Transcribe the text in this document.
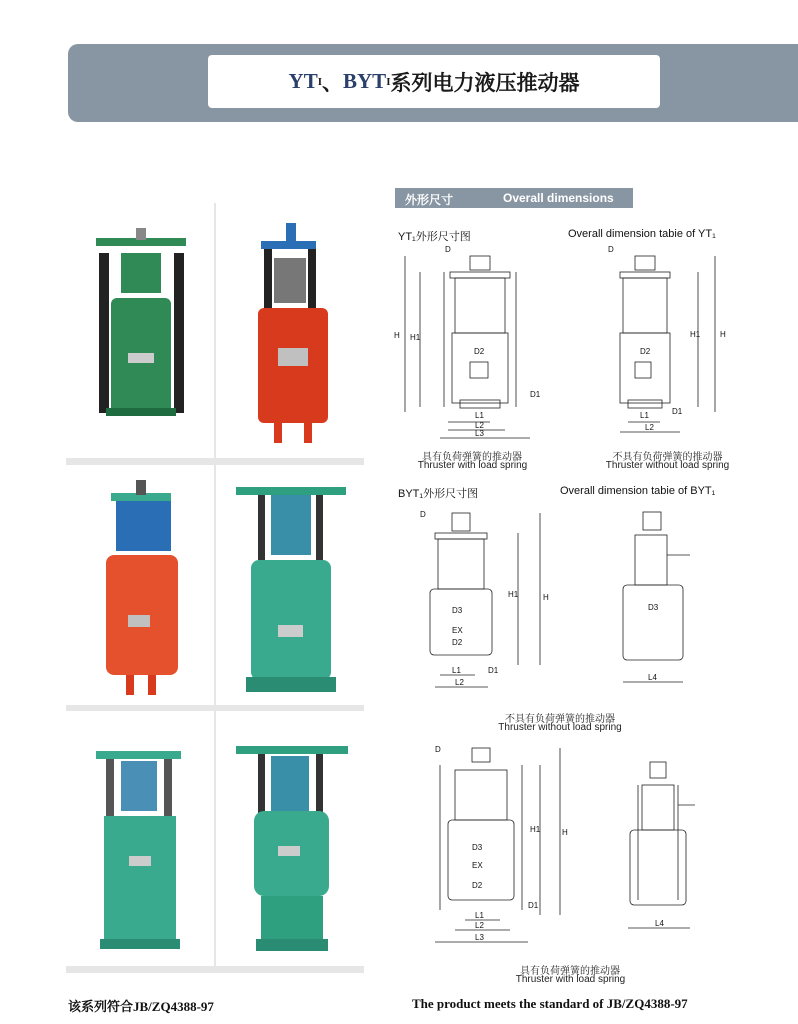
YT I 、 BYT I 系列电力液压推动器
外形尺寸	Overall dimensions
YT₁外形尺寸图	Overall dimension tabie of YT₁
D
H H1
D1
D2
L1
L2
L3
具有负荷弹簧的推动器
Thruster with load spring
D
H
H1
D2
L1
L2
D1
不具有负荷弹簧的推动器
Thruster without load spring
BYT₁外形尺寸图	Overall dimension tabie of BYT₁
D
H
H1
D3
EX
D2
L1
L2
D1
D3
L4
不具有负荷弹簧的推动器
Thruster without load spring
D
H
H1
D3
EX
D2
L1
L2
L3
D1
L4
具有负荷弹簧的推动器
Thruster with load spring
该系列符合JB/ZQ4388-97	The product meets the standard of JB/ZQ4388-97
